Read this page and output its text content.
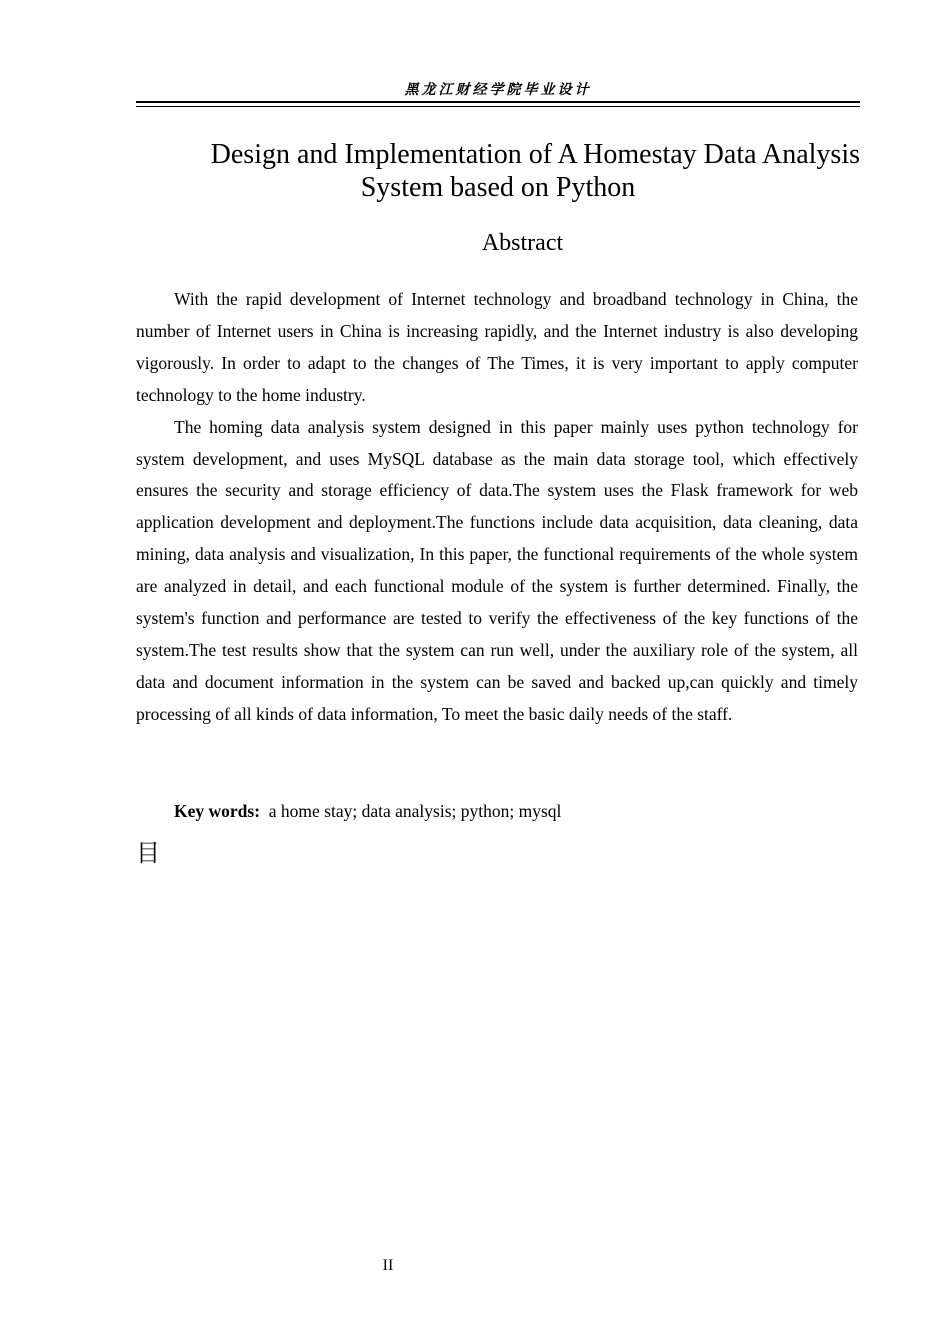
黑龙江财经学院毕业设计
Design and Implementation of A Homestay Data Analysis
System based on Python
Abstract

With the rapid development of Internet technology and broadband technology in China, the number of Internet users in China is increasing rapidly, and the Internet industry is also developing vigorously. In order to adapt to the changes of The Times, it is very important to apply computer technology to the home industry.

The homing data analysis system designed in this paper mainly uses python technology for system development, and uses MySQL database as the main data storage tool, which effectively ensures the security and storage efficiency of data.The system uses the Flask framework for web application development and deployment.The functions include data acquisition, data cleaning, data mining, data analysis and visualization, In this paper, the functional requirements of the whole system are analyzed in detail, and each functional module of the system is further determined. Finally, the system's function and performance are tested to verify the effectiveness of the key functions of the system.The test results show that the system can run well, under the auxiliary role of the system, all data and document information in the system can be saved and backed up,can quickly and timely processing of all kinds of data information, To meet the basic daily needs of the staff.

Key words: a home stay; data analysis; python; mysql
目
II
